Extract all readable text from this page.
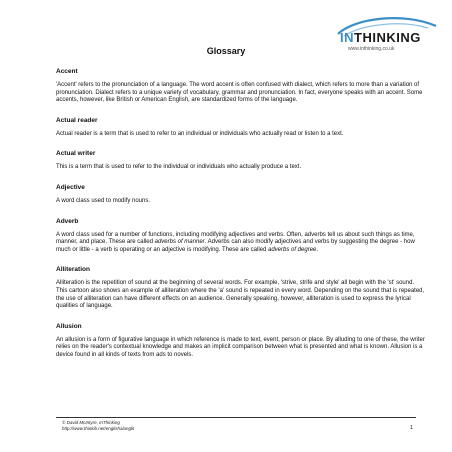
INTHINKING
www.inthinking.co.uk
Glossary
Accent
'Accent' refers to the pronunciation of a language. The word accent is often confused with dialect, which refers to more than a variation of pronunciation. Dialect refers to a unique variety of vocabulary, grammar and pronunciation. In fact, everyone speaks with an accent. Some accents, however, like British or American English, are standardized forms of the language.
Actual reader
Actual reader is a term that is used to refer to an individual or individuals who actually read or listen to a text.
Actual writer
This is a term that is used to refer to the individual or individuals who actually produce a text.
Adjective
A word class used to modify nouns.
Adverb
A word class used for a number of functions, including modifying adjectives and verbs. Often, adverbs tell us about such things as time, manner, and place. These are called adverbs of manner. Adverbs can also modify adjectives and verbs by suggesting the degree - how much or little - a verb is operating or an adjective is modifying. These are called adverbs of degree.
Alliteration
Alliteration is the repetition of sound at the beginning of several words. For example, 'strive, strife and style' all begin with the 'st' sound. This cartoon also shows an example of alliteration where the 'a' sound is repeated in every word. Depending on the sound that is repeated, the use of alliteration can have different effects on an audience. Generally speaking, however, alliteration is used to express the lyrical qualities of language.
Allusion
An allusion is a form of figurative language in which reference is made to text, event, person or place. By alluding to one of these, the writer relies on the reader's contextual knowledge and makes an implicit comparison between what is presented and what is known. Allusion is a device found in all kinds of texts from ads to novels.
© David McIntyre, InThinking
http://www.thinkib.net/englishalanglit	1
